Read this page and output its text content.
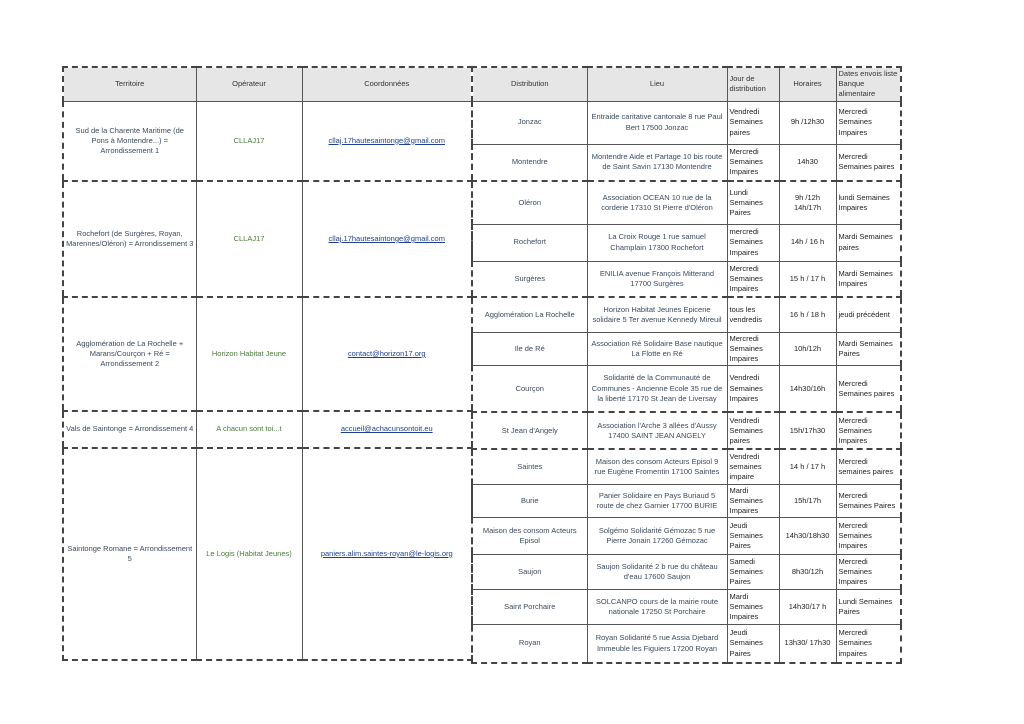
Territoire	Opérateur	Coordonnées
Sud de la Charente Maritime (de Pons à Montendre...) = Arrondissement 1	CLLAJ17	cllaj.17hautesaintonge@gmail.com
Rochefort (de Surgères, Royan, Marennes/Oléron) = Arrondissement 3	CLLAJ17	cllaj.17hautesaintonge@gmail.com
Agglomération de La Rochelle + Marans/Courçon + Ré = Arrondissement 2	Horizon Habitat Jeune	contact@horizon17.org
Vals de Saintonge = Arrondissement 4	A chacun sont toi...t	accueil@achacunsontoit.eu
Saintonge Romane = Arrondissement 5	Le Logis (Habitat Jeunes)	paniers.alim.saintes-royan@le-logis.org
Distribution	Lieu	Jour de distribution	Horaires	Dates envois liste Banque alimentaire
Jonzac	Entraide caritative cantonale 8 rue Paul Bert 17500 Jonzac	Vendredi Semaines paires	9h /12h30	Mercredi Semaines Impaires
Montendre	Montendre Aide et Partage 10 bis route de Saint Savin 17130 Montendre	Mercredi Semaines Impaires	14h30	Mercredi Semaines paires
Oléron	Association OCEAN 10 rue de la corderie 17310 St Pierre d'Oléron	Lundi Semaines Paires	9h /12h 14h/17h	lundi Semaines Impaires
Rochefort	La Croix Rouge 1 rue samuel Champlain 17300 Rochefort	mercredi Semaines Impaires	14h / 16 h	Mardi Semaines paires
Surgères	ENILIA avenue François Mitterand 17700 Surgères	Mercredi Semaines Impaires	15 h / 17 h	Mardi Semaines Impaires
Agglomération La Rochelle	Horizon Habitat Jeunes Epicerie solidaire 5 Ter avenue Kennedy Mireuil	tous les vendredis	16 h / 18 h	jeudi précédent
Ile de Ré	Association Ré Solidaire Base nautique La Flotte en Ré	Mercredi Semaines Impaires	10h/12h	Mardi Semaines Paires
Courçon	Solidarité de la Communauté de Communes - Ancienne Ecole 35 rue de la liberté 17170 St Jean de Liversay	Vendredi Semaines Impaires	14h30/16h	Mercredi Semaines paires
St Jean d'Angely	Association l'Arche 3 allées d'Aussy 17400 SAINT JEAN ANGELY	Vendredi Semaines paires	15h/17h30	Mercredi Semaines Impaires
Saintes	Maison des consom Acteurs Episol 9 rue Eugène Fromentin 17100 Saintes	Vendredi semaines impaire	14 h / 17 h	Mercredi semaines paires
Burie	Panier Solidaire en Pays Buriaud 5 route de chez Garnier 17700 BURIE	Mardi Semaines Impaires	15h/17h	Mercredi Semaines Paires
Maison des consom Acteurs Episol	Solgémo Solidarité Gémozac 5 rue Pierre Jonain 17260 Gémozac	Jeudi Semaines Paires	14h30/18h30	Mercredi Semaines Impaires
Saujon	Saujon Solidarité 2 b rue du château d'eau 17600 Saujon	Samedi Semaines Paires	8h30/12h	Mercredi Semaines Impaires
Saint Porchaire	SOLCANPO cours de la mairie route nationale 17250 St Porchaire	Mardi Semaines Impaires	14h30/17 h	Lundi Semaines Paires
Royan	Royan Solidarité 5 rue Assia Djebard Immeuble les Figuiers 17200 Royan	Jeudi Semaines Paires	13h30/ 17h30	Mercredi Semaines impaires
